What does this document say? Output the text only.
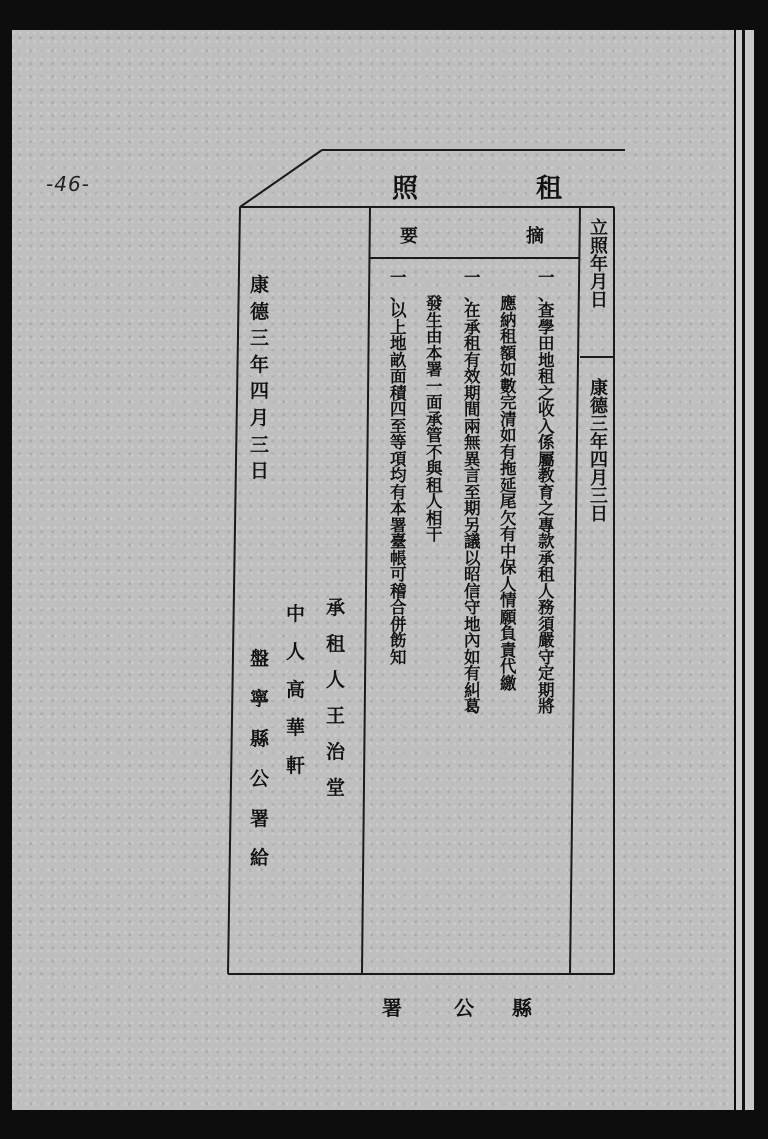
-46-	租
照
摘
要	立
照
年
月
日
康
德
三
年
四
月
三
日
一
、
查
學
田
地
租
之
收
入
係
屬
教
育
之
專
款
承
租
人
務
須
嚴
守
定
期
將
應
納
租
額
如
數
完
清
如
有
拖
延
尾
欠
有
中
保
人
情
願
負
責
代
繳
一
、
在
承
租
有
效
期
間
兩
無
異
言
至
期
另
議
以
昭
信
守
地
內
如
有
糾
葛
發
生
由
本
署
一
面
承
管
不
與
租
人
相
干
一
、
以
上
地
畝
面
積
四
至
等
項
均
有
本
署
臺
帳
可
稽
合
併
飭
知
承
租
人
王
治
堂
中
人
高
華
軒
盤
寧
縣
公
署
給
康
德
三
年
四
月
三
日
縣
公
署
